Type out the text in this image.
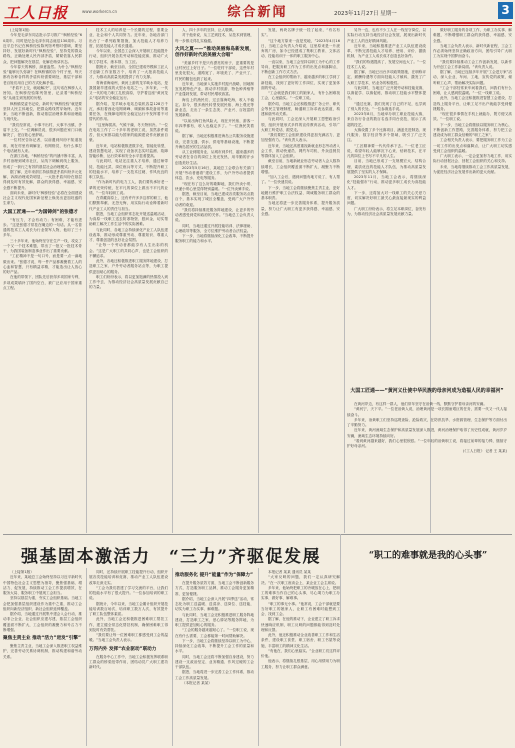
工人日报	www.workercn.cn	综合新闻	2023年11月27日 星期一	3

(上接第1版)

今年是毛泽东同志批示学习推广“枫桥经验”60周年，同时是纪念毛泽东同志诞辰130周年。习近平总书记在枫桥经验陈列馆考察时强调，要坚持好、发展好新时代“枫桥经验”，坚持党的群众路线，正确处理人民内部矛盾，紧紧依靠人民群众，把问题解决在基层、化解在萌芽状态。

今年春天的枫桥，绿意盎然。为什么“枫桥经验”能够历久弥新？在枫桥镇的各个村子里，每天都有各种各样的矛盾纠纷需要调处，基层干部和老百姓们用自己的方式化解矛盾。

“矛盾不上交，就地解决”，这句话在枫桥人人皆知。在枫桥经验陈列馆里，记录着“枫桥经验”从诞生到发展的历程。

枫桥镇党委书记说，新时代“枫桥经验”就是要坚持人民主体地位，把群众路线贯穿始终。近年来，当地不断创新，推动基层治理体系和治理能力现代化。

“我们经常说，小事不出村，大事不出镇，矛盾不上交。”一位调解员说，很多问题在家门口就解决了，老百姓心里舒坦。

一位村民告诉记者，以前遇到纠纷不知道找谁，现在村里有调解室、有网格员，有什么事打个电话就有人来。

在浙江各地，“枫桥经验”的内涵不断丰富，从乡村治理到城市社区，从线下调解到线上服务，形成了一套行之有效的基层社会治理模式。

据了解，近年来浙江持续推进矛盾纠纷多元化解，诉源治理成效明显，一大批矛盾纠纷在基层得到及时有效化解，群众的获得感、幸福感、安全感不断提升。

面向未来，新时代“枫桥经验”必将在全面建设社会主义现代化国家新征程上焕发出更加旺盛的生命力。

大国工匠通——“为国铸剑”的张德才

“有压力，才会有动力；有困难，才能有进步。”这是张德才常挂在嘴边的一句话。从一名普通的技术工人成长为行业领军人物，他用了三十多年。

三十多年来，他始终坚守在生产一线，攻克了一个又一个技术难题，带出了一批又一批技术骨干，为我国装备制造事业作出了重要贡献。

“工匠精神不是一句口号，而是要一点一滴地做出来。”张德才说，每一件产品都凝聚着工人的心血和智慧，只有精益求精，才能造出让人放心的好产品。

在他的带领下，团队先后获得多项国家专利，多项成果填补了国内空白，被广泛应用于国家重点工程。

技术工人的培养是一个长期的过程，需要企业、社会和个人共同努力。近年来，各地各部门出台了一系列政策措施，加大技能人才培养力度，拓宽技能人才成长通道。

今年以来，全国总工会深入开展职工技能提升行动，组织开展各类劳动和技能竞赛，推动广大职工学技术、练本领、当工匠。

据统计，截至目前，全国已建成劳模和工匠人才创新工作室数万个，培育了一大批高技能人才，为推动高质量发展提供了有力支撑。

青海省海南州，黄河上游的龙羊峡水电站，是我国最早建成的大型水电站之一。多年来，一代又一代的电力职工扎根高原，守护着这座“黄河龙头”电站的安全稳定运行。

据介绍，龙羊峡水电站总装机容量128万千瓦，承担着西北电网调峰、调频和事故备用等重要任务，在保障电网安全稳定运行中发挥着不可替代的作用。

“这里海拔高、气候干燥，冬天特别冷。”一位在电站工作了二十多年的老职工说，虽然条件艰苦，但大家都以能为国家的能源建设作贡献而自豪。

近年来，电站积极推进数字化、智能化转型，建设智慧电站，实现了设备状态实时监测、故障智能诊断，运行效率和安全水平显著提高。

与此同时，电站还注重人才培养，通过师带徒、技能比武、岗位练兵等方式，不断提升职工的技能水平，培养了一支技术过硬、作风优良的职工队伍。

“作为新时代的电力工人，我们要传承好老一辈的光荣传统，在平凡的岗位上做出不平凡的业绩。”一位年轻职工说。

在青藏高原上，还有许许多多这样的职工，他们默默奉献、无怨无悔，用实际行动诠释着新时代产业工人的责任与担当。

据悉，当地工会组织常态化开展送温暖活动，为高原一线职工送去防寒物资、慰问金，切实帮助职工解决工作生活中的实际困难。

与此同时，各地工会持续深化产业工人队伍建设改革，推动形成尊重劳动、尊重知识、尊重人才、尊重创造的良好社会氛围。

“让每一个劳动者都能享有人生出彩的机会。”这是广大职工的共同心声，也是工会组织的不懈追求。

此外，各地还积极推进职工服务阵地建设，打造职工之家、户外劳动者服务站点等，为职工提供更加贴心的服务。

职工们纷纷表示，将以更加饱满的热情投入到工作中去，为推动经济社会高质量发展贡献自己的力量。

人，四十多年的坚持，让人敬佩。

对于他来说，从工艺到技术，从技术到管理，每一步都走得扎实稳健。

大风之夏——“推动美丽海岛新发展，创作好新时代的美丽大合唱”

“美丽乡村不是只有漂亮的房子，更重要的是让村民过上好日子。”一位驻村干部说，这些年村里变化很大，道路宽了、环境美了、产业兴了，村民的腰包也鼓了起来。

近年来，当地深入实施乡村振兴战略，因地制宜发展特色产业，推动乡村旅游、特色种养殖等产业蓬勃发展，带动村民增收致富。

海岛上的渔民们，过去靠海吃海，收入不稳定。如今，很多渔民转型发展民宿、海上观光等新业态，走出了一条生态美、产业兴、百姓富的发展新路。

“以前出海打鱼风险大，现在开民宿，游客一年四季都有，收入也稳定多了。”一位渔民笑着说。

据了解，当地还积极推进海岛公共服务设施建设，完善交通、供水、供电等基础设施，不断提升海岛居民的生活品质。

从工业到服务业，从城市到乡村，越来越多的劳动者在各自的岗位上发光发热，用辛勤的汗水创造美好生活。

2023年5月16日，某地总工会联合有关部门开展“劳动者港湾”建设工作，为户外劳动者提供休息、饮水、充电等服务。

“现在有了这么好的歇脚地，我们外卖小哥、快递小哥心里觉得特别温暖。”一位外卖骑手说。

据悉，截至目前，当地已建成各类服务站点数百个，基本实现了城区全覆盖，受到广大户外劳动者的欢迎。

“我们将持续推进服务阵地建设，让更多的劳动者感受到党和政府的关怀。”当地总工会负责人说。

同时，当地还通过开展技能培训、法律援助、心理疏导等服务，全方位维护劳动者合法权益。

下一步，当地将继续深化工会改革，不断提升服务职工的能力和水平。

发展，两块名牌子统一挂了起来，“有名有实”。

“这个地方原来一直是荒地，”2023年4月16日，当地工会负责人介绍说，这里原来是一片废弃的厂房，如今已经建成了集职工教育、文体活动、技能培训于一体的职工服务中心。

一直以来，当地工会坚持以职工为中心的工作导向，把服务职工作为工作的出发点和落脚点，不断创新工作方式方法。

在工会组织的帮助下，越来越多的职工学到了新技能，找到了更好的工作岗位，实现了更加体面的劳动。

“工会就是我们职工的娘家人，有什么困难找工会，心里踏实。”一位职工说。

据介绍，当地工会还积极推进厂务公开、职代会等民主管理制度，畅通职工诉求表达渠道，构建和谐劳动关系。

与此同时，工会还深入开展职工思想政治引领，组织开展形式多样的宣传教育活动，引导广大职工听党话、跟党走。

“我们要把工会组织建设得更加充满活力、更加坚强有力。”该负责人表示。

近年来，当地还高度重视新就业形态劳动者入会工作，推动快递员、网约车司机、外卖送餐员等群体加入工会组织。

截至目前，当地新就业形态劳动者入会人数持续增长，工会组织覆盖面不断扩大，凝聚力不断增强。

“加入工会后，遇到问题有地方说了，有人帮了。”一位快递员说。

下一步，当地工会将继续聚焦主责主业，更好地履行维护职工合法权益、竭诚服务职工群众的基本职责。

当地还将进一步完善服务体系，提升服务质量，努力让广大职工有更多获得感、幸福感、安全感。

另外一边，也有不少工人在一线坚守岗位，以实际行动支持当地经济社会发展，展现出新时代产业工人的良好精神风貌。

近年来，当地积极推进产业工人队伍建设改革，不断完善技能人才培养、使用、评价、激励机制，为产业工人成长成才创造良好条件。

“我们的待遇提高了，发展空间也大了。”一位技术工人说。

据了解，当地已出台多项政策措施，在职称评定、薪酬待遇等方面向技能人才倾斜，激发了广大职工学技术、钻业务的积极性。

与此同时，当地还广泛开展劳动和技能竞赛，以赛促学、以赛促练，推动职工技能水平整体提升。

“通过比赛，我们发现了自己的不足，也学到了别人的长处。”一位参赛选手说。

2023年8月，当地举办职工职业技能大赛，来自各行各业的数百名选手同台竞技，展示了高超的技艺。

大赛设置了多个比赛项目，涵盖先进制造、现代服务、数字经济等多个领域，吸引了广泛关注。

“工匠精神要一代代传承下去。”一位老工匠说，希望年轻人能够沉下心来、钻研技术，在平凡的岗位上书写不平凡的人生。

目前，当地已形成了一支规模宏大、结构合理、素质优良的技能人才队伍，为推动高质量发展提供了坚实的人才保障。

2023年11月，当地工会表示，将继续深化“技能强市”行动，推动更多职工成长为高技能人才。

下一步，还将加大对一线职工的关心关爱力度，切实解决好职工最关心最直接最现实的利益问题。

广大职工纷纷表示，将立足本职岗位，奋发有为，为推动经济社会高质量发展贡献力量。

做好职工服务的各项工作，为职工办实事、解难题，不断增强职工群众的获得感、幸福感、安全感。

当地工会负责人表示，新时代新征程，工会工作必须始终坚持正确政治方向，团结引导广大职工为实现中国梦而奋斗。

“我们要持续推动工会工作创新发展，以新作为开创工会工作新局面。”该负责人说。

据了解，当地已连续多年开展“工会进万家”活动，深入企业、车间、工地，宣传党的政策，倾听职工心声，帮助解决实际问题。

“工会干部经常来车间看我们，问我们有什么困难，让人感到很温暖。”一位一线职工说。

此外，当地工会还积极推进智慧工会建设，打造线上服务平台，让职工足不出户就能享受到便捷服务。

“现在很多事情在手机上就能办，既方便又高效。”一位职工说。

下一步，当地工会将继续以服务职工为核心，不断创新工作思路，完善服务体系，努力把工会建设成为职工群众信赖的“职工之家”。

工会相关负责人表示，要把服务职工作为工会一切工作的出发点和落脚点，让广大职工切实感受到工会组织的温暖。

广大职工表示，一定会更加努力地工作，用实际行动回报社会、回报工会组织的关心和支持。

未来，当地将继续推动工会工作高质量发展，为促进经济社会发展作出新的更大贡献。

大国工匠通——“黄河义仕使中华民族的母亲河成为造福人民的幸福河”

在黄河岸边，有这样一群人，他们常年坚守在治黄一线，默默守护着母亲河的安澜。

“黄河宁，天下平。”一位老治黄人说，治理黄河是一项长期而艰巨的任务，需要一代又一代人接续奋斗。

多年来，治黄职工们坚持巡堤查险、抢险救灾，在防汛抗旱、水资源管理、生态保护等方面付出了辛勤努力。

近年来，黄河流域生态保护和高质量发展深入推进，黄河治理保护取得了历史性成就，黄河岁岁安澜，流域生态环境持续向好。

“看到黄河越来越好，我们心里很欣慰。”一位年轻的治黄职工说，将接过前辈的接力棒，继续守护好母亲河。

(《工人日报》 记者 王 某某)

强基固本激活力　“三力”齐驱促发展	“职工的难事就是我的心头事”

（上接第1版）

近年来，某地总工会始终坚持以习近平新时代中国特色社会主义思想为指导，聚焦强基础、增活力、促发展，持续推动工会工作提质增效，在服务大局、服务职工中展现工会担当。

坚持以基层为重，夯实工会组织基础。当地工会把加强基层组织建设作为重中之重，推动工会组织向新经济组织、新社会组织延伸覆盖。

据介绍，当地通过开展集中建会入会行动，推动非公企业、社会组织应建尽建，基层工会组织覆盖面不断扩大，工会组织的凝聚力和号召力不断增强。

聚焦主责主业 推动“活力”迸发“引擎”

聚焦主责主业，当地工会深入推进职工权益维护，完善劳动关系协调机制，推动构建和谐劳动关系。

同时，还持续开展职工技能提升行动，组织开展各类技能培训和竞赛，推动产业工人队伍建设改革走深走实。

“工会为我们搭建了学习交流的平台，让我们的技能水平有了很大提升。”一位参加培训的职工说。

据统计，今年以来，当地工会累计组织开展技能培训数百场次，培训职工数万人次，有效提升了职工队伍整体素质。

此外，当地工会还积极推进困难职工帮扶工作，建立健全常态化帮扶机制，确保困难职工得到及时有效帮扶。

“我们要让每一位困难职工都感受到工会的温暖。”当地工会负责人表示。

万泻内外 发挥“农业驱动”联动力

在服务中心工作中，当地工会积极发挥联系职工群众的桥梁纽带作用，团结动员广大职工建功新时代。

推动服务化 提升“能量”作为“保障力”

在提升服务质效方面，当地工会不断创新服务方式，打造服务职工品牌，推动工会服务更加精准、更加便捷。

据介绍，当地工会深入开展“四季送”活动，常态化为职工送温暖、送清凉、送岗位、送技能，切实为职工办实事、解难题。

与此同时，当地工会还积极推进职工服务阵地建设，打造职工之家、爱心驿站等服务阵地，为职工提供更加贴心的服务。

“工会的服务越来越贴心了。”一位职工说，现在有什么需要，工会都能第一时间帮助解决。

下一步，当地工会将继续坚持以职工为中心，持续深化工会改革，不断提升工会工作的质量和水平。

同时，当地工会还将不断加强自身建设，努力建设一支政治坚定、业务精通、作风过硬的工会干部队伍。

据悉，当地将进一步完善工会工作体系，推动工会工作高质量发展。

（本报记者 某某）

本报记者 某某 通讯员 某某

“大家反映的问题，我们一定认真研究解决。”在一次职工座谈会上，某企业工会主席说。

多年来，他始终把职工的冷暖放在心上，把职工的难事当作自己的心头事，尽心竭力为职工办实事、做好事、解难事。

“职工的事无小事。”他常说，工会干部就是要当好职工的娘家人，让职工有困难时能想到工会、找到工会。

据了解，在他的推动下，企业建立了职工诉求快速响应机制，职工反映的问题都能得到及时处理和反馈。

此外，他还积极推动企业改善职工工作和生活条件，建设职工食堂、职工宿舍、职工书屋等设施，丰富职工的精神文化生活。

“有他在，我们心里踏实。”企业职工们这样评价他。

他表示，将继续扎根基层，用心用情用力为职工服务，努力让职工群众满意。
